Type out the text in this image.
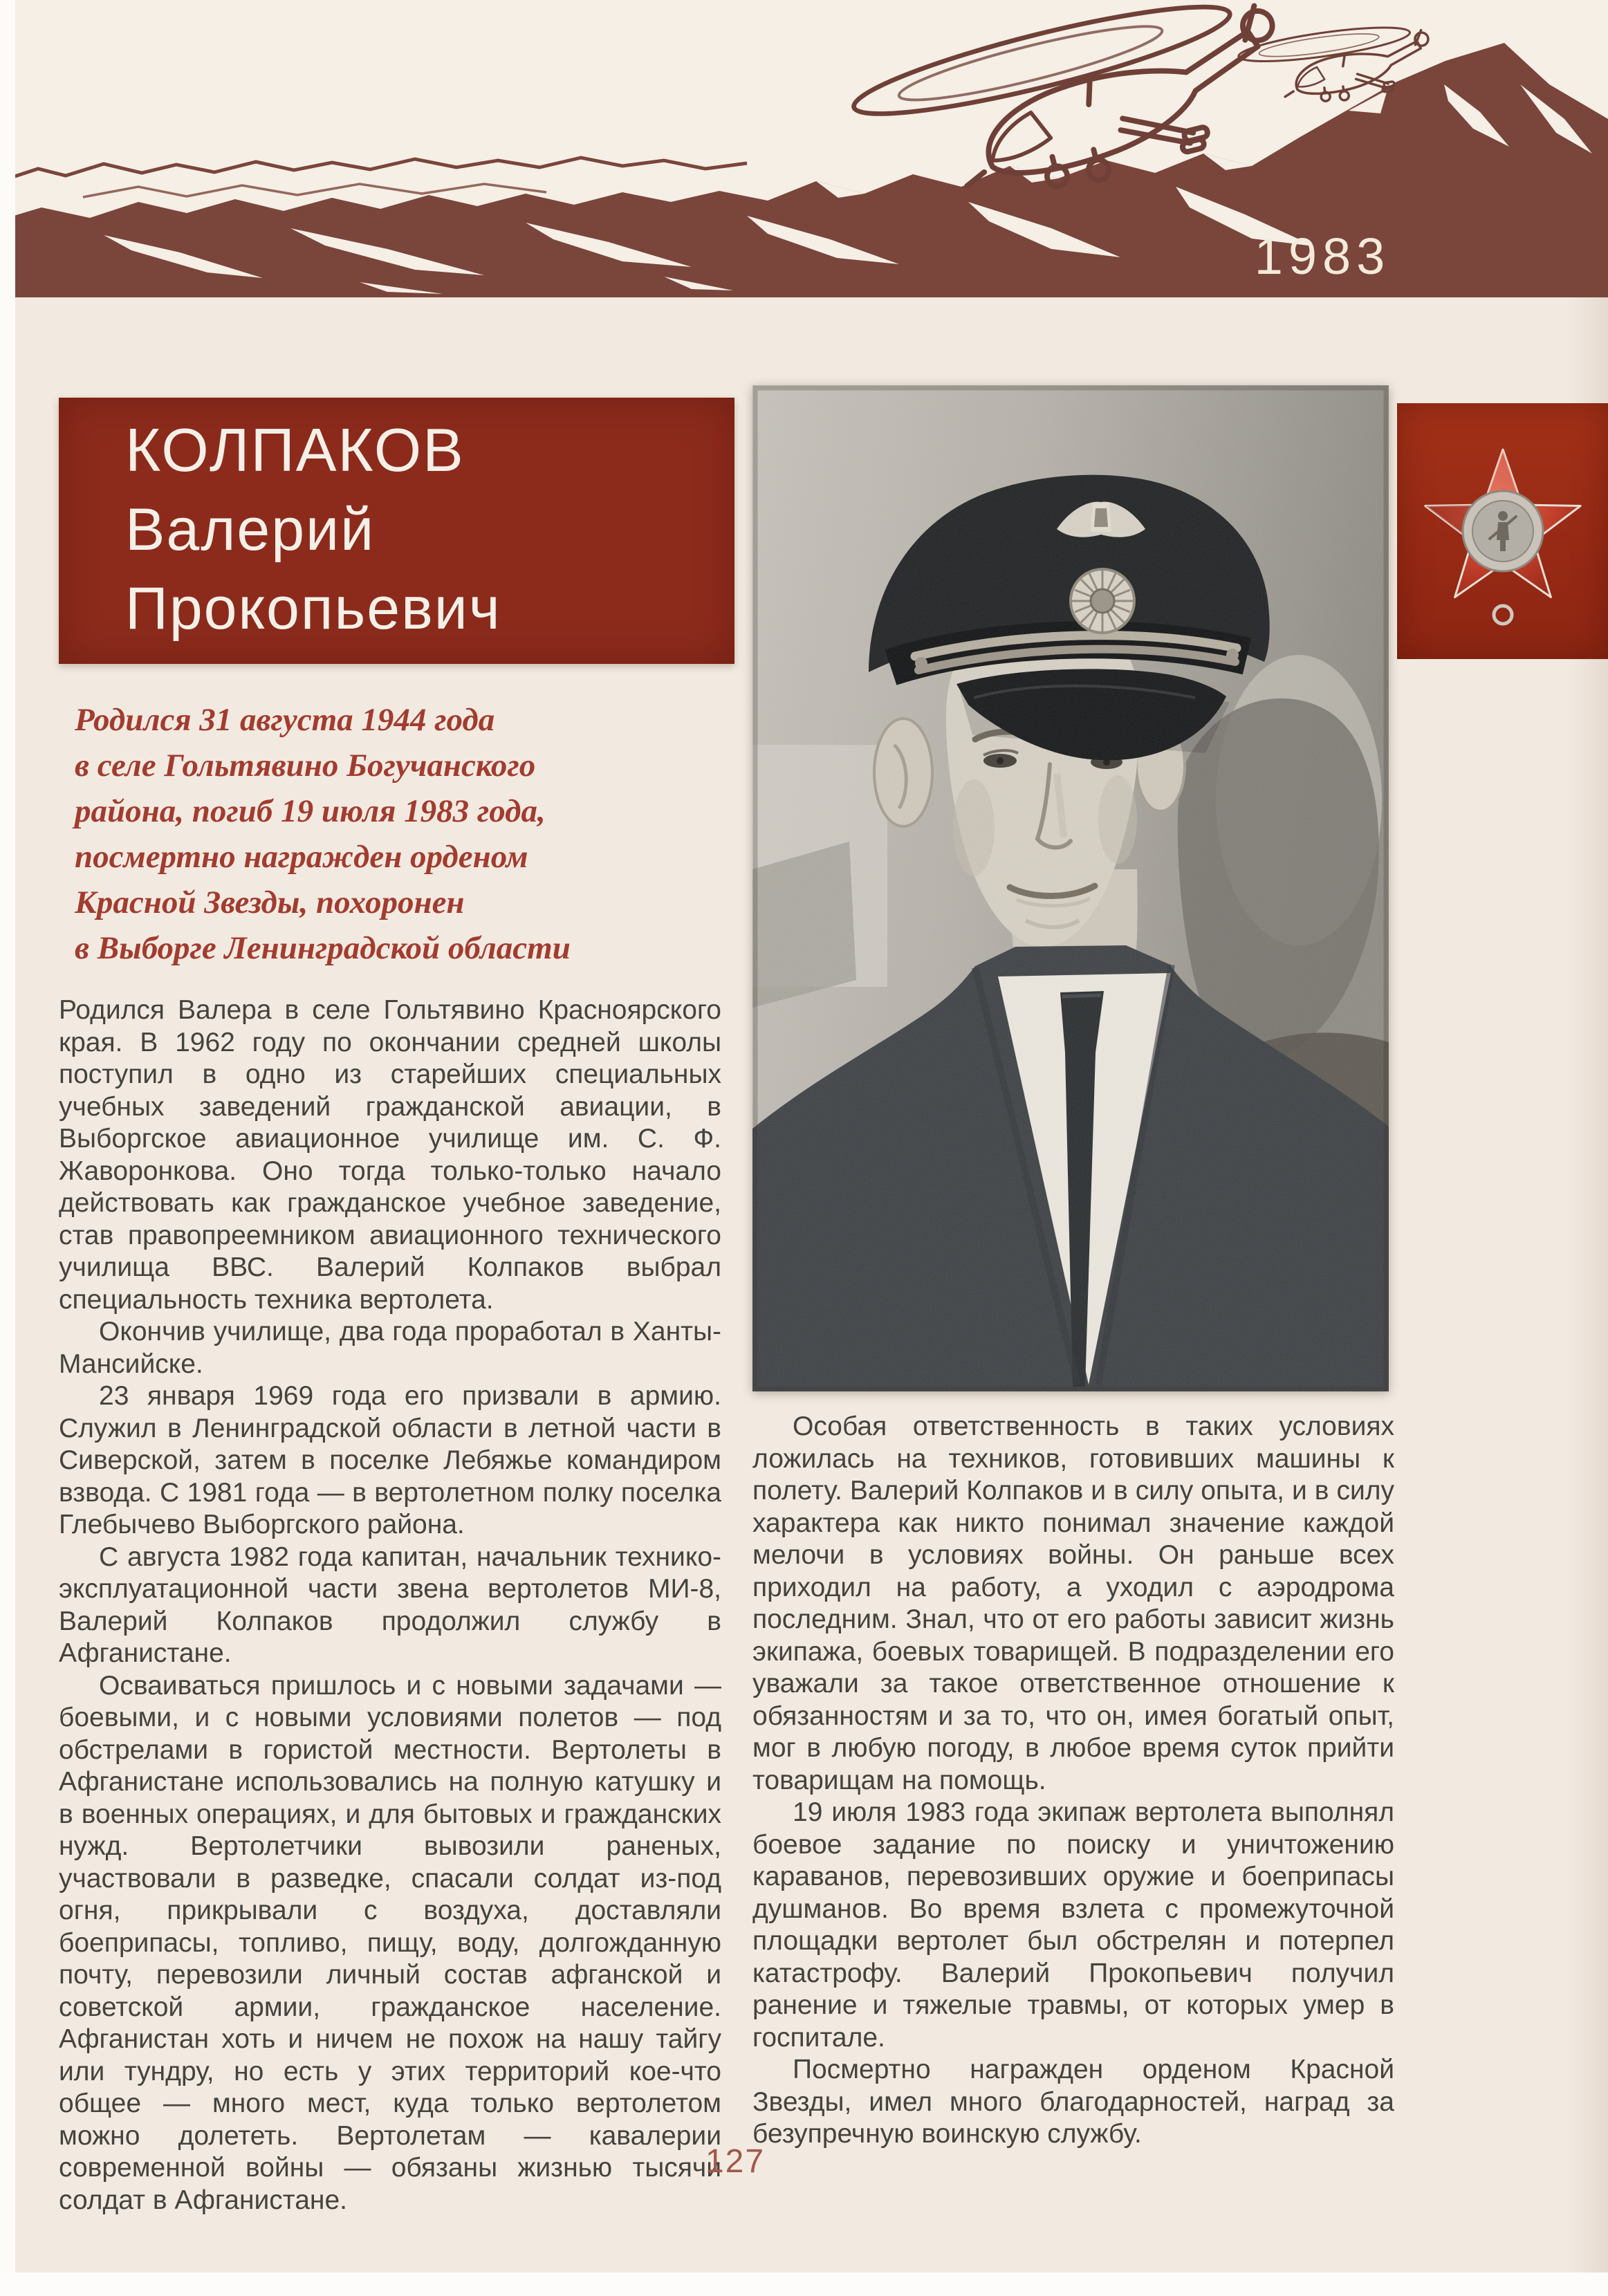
1983
КОЛПАКОВ
Валерий
Прокопьевич
Родился 31 августа 1944 года
в селе Гольтявино Богучанского
района, погиб 19 июля 1983 года,
посмертно награжден орденом
Красной Звезды, похоронен
в Выборге Ленинградской области

Родился Валера в селе Гольтявино Красноярского края. В 1962 году по окончании средней школы поступил в одно из старейших специальных учебных заведений гражданской авиации, в Выборгское авиационное училище им. С. Ф. Жаворонкова. Оно тогда только-только начало действовать как гражданское учебное заведение, став правопреемником авиационного технического училища ВВС. Валерий Колпаков выбрал специальность техника вертолета.

Окончив училище, два года проработал в Ханты-Мансийске.

23 января 1969 года его призвали в армию. Служил в Ленинградской области в летной части в Сиверской, затем в поселке Лебяжье командиром взвода. С 1981 года — в вертолетном полку поселка Глебычево Выборгского района.

С августа 1982 года капитан, начальник технико-эксплуатационной части звена вертолетов МИ-8, Валерий Колпаков продолжил службу в Афганистане.

Осваиваться пришлось и с новыми задачами — боевыми, и с новыми условиями полетов — под обстрелами в гористой местности. Вертолеты в Афганистане использовались на полную катушку и в военных операциях, и для бытовых и гражданских нужд. Вертолетчики вывозили раненых, участвовали в разведке, спасали солдат из-под огня, прикрывали с воздуха, доставляли боеприпасы, топливо, пищу, воду, долгожданную почту, перевозили личный состав афганской и советской армии, гражданское население. Афганистан хоть и ничем не похож на нашу тайгу или тундру, но есть у этих территорий кое-что общее — много мест, куда только вертолетом можно долететь. Вертолетам — кавалерии современной войны — обязаны жизнью тысячи солдат в Афганистане.

Особая ответственность в таких условиях ложилась на техников, готовивших машины к полету. Валерий Колпаков и в силу опыта, и в силу характера как никто понимал значение каждой мелочи в условиях войны. Он раньше всех приходил на работу, а уходил с аэродрома последним. Знал, что от его работы зависит жизнь экипажа, боевых товарищей. В подразделении его уважали за такое ответственное отношение к обязанностям и за то, что он, имея богатый опыт, мог в любую погоду, в любое время суток прийти товарищам на помощь.

19 июля 1983 года экипаж вертолета выполнял боевое задание по поиску и уничтожению караванов, перевозивших оружие и боеприпасы душманов. Во время взлета с промежуточной площадки вертолет был обстрелян и потерпел катастрофу. Валерий Прокопьевич получил ранение и тяжелые травмы, от которых умер в госпитале.

Посмертно награжден орденом Красной Звезды, имел много благодарностей, наград за безупречную воинскую службу.

127
